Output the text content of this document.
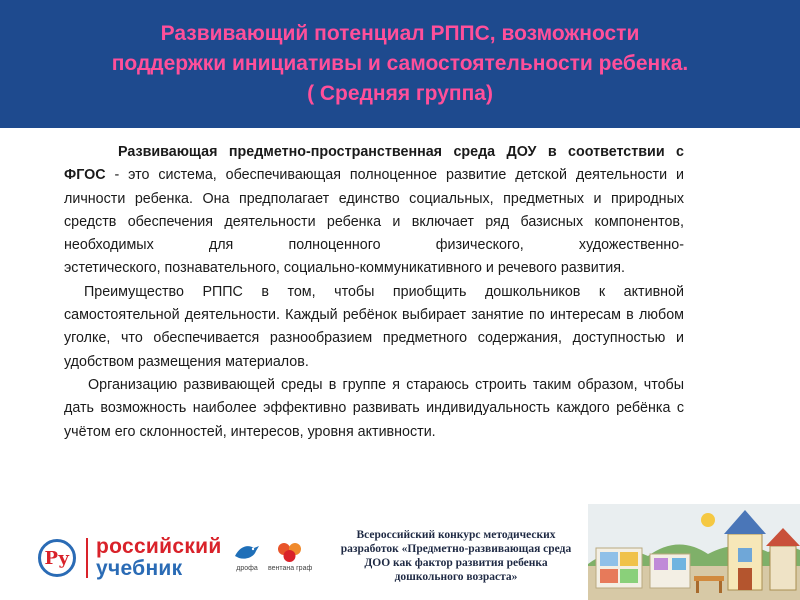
Развивающий потенциал РППС, возможности
поддержки инициативы и самостоятельности ребенка.
( Средняя группа)

Развивающая предметно-пространственная среда ДОУ в соответствии с ФГОС - это система, обеспечивающая полноценное развитие детской деятельности и личности ребенка. Она предполагает единство социальных, предметных и природных средств обеспечения деятельности ребенка и включает ряд базисных компонентов, необходимых для полноценного физического, художественно-

эстетического, познавательного, социально-коммуникативного и речевого развития.

Преимущество РППС в том, чтобы приобщить дошкольников к активной самостоятельной деятельности. Каждый ребёнок выбирает занятие по интересам в любом уголке, что обеспечивается разнообразием предметного содержания, доступностью и удобством размещения материалов.

Организацию развивающей среды в группе я стараюсь строить таким образом, чтобы дать возможность наиболее эффективно развивать индивидуальность каждого ребёнка с учётом его склонностей, интересов, уровня активности.

Ру	российский
учебник	дрофа вентана граф
Всероссийский конкурс методических
разработок «Предметно-развивающая среда
ДОО как фактор развития ребенка
дошкольного возраста»
